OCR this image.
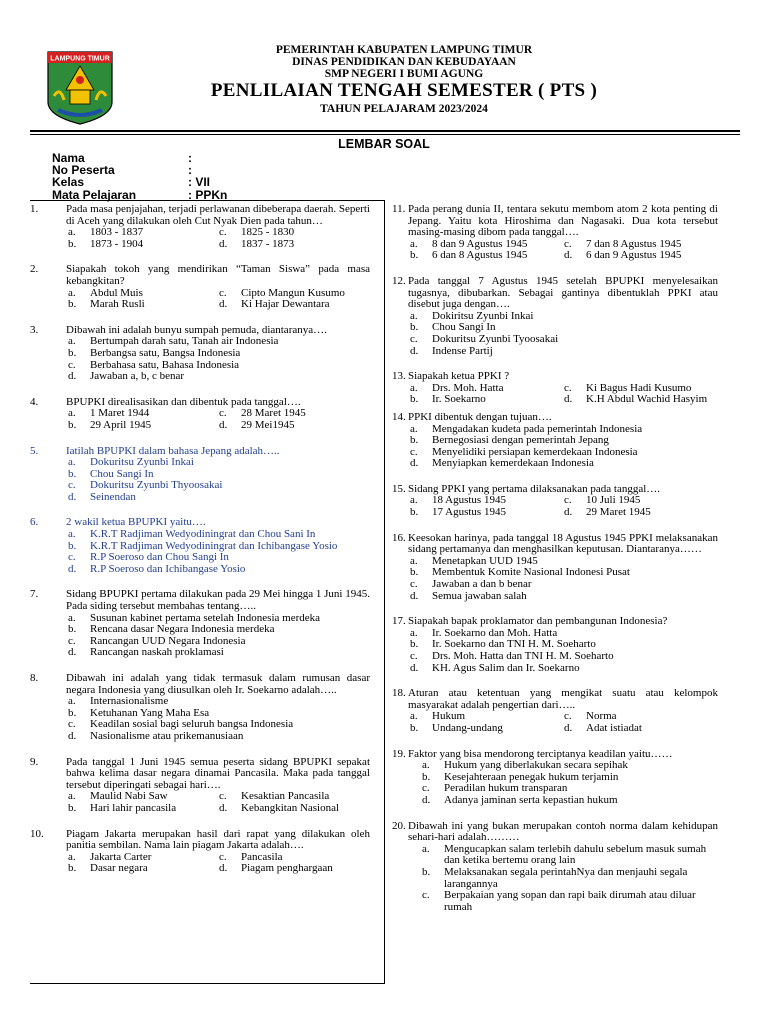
LAMPUNG TIMUR
PEMERINTAH KABUPATEN LAMPUNG TIMUR
DINAS PENDIDIKAN DAN KEBUDAYAAN
SMP NEGERI I BUMI AGUNG
PENLILAIAN TENGAH SEMESTER ( PTS )
TAHUN PELAJARAM 2023/2024
LEMBAR SOAL
Nama	:
No Peserta	:
Kelas	: VII
Mata Pelajaran	: PPKn
1.	Pada masa penjajahan, terjadi perlawanan dibeberapa daerah. Seperti di Aceh yang dilakukan oleh Cut Nyak Dien pada tahun…
a.	1803 - 1837	c.	1825 - 1830
b.	1873 - 1904	d.	1837 - 1873
2.	Siapakah tokoh yang mendirikan “Taman Siswa” pada masa kebangkitan?
a.	Abdul Muis	c.	Cipto Mangun Kusumo
b.	Marah Rusli	d.	Ki Hajar Dewantara
3.	Dibawah ini adalah bunyu sumpah pemuda, diantaranya….
a.	Bertumpah darah satu, Tanah air Indonesia
b.	Berbangsa satu, Bangsa Indonesia
c.	Berbahasa satu, Bahasa Indonesia
d.	Jawaban a, b, c benar
4.	BPUPKI direalisasikan dan dibentuk pada tanggal….
a.	1 Maret 1944	c.	28 Maret 1945
b.	29 April 1945	d.	29 Mei1945
5.	Iatilah BPUPKI dalam bahasa Jepang adalah…..
a.	Dokuritsu Zyunbi Inkai
b.	Chou Sangi In
c.	Dokuritsu Zyunbi Thyoosakai
d.	Seinendan
6.	2 wakil ketua BPUPKI yaitu….
a.	K.R.T Radjiman Wedyodiningrat dan Chou Sani In
b.	K.R.T Radjiman Wedyodiningrat dan Ichibangase Yosio
c.	R.P Soeroso dan Chou Sangi In
d.	R.P Soeroso dan Ichibangase Yosio
7.	Sidang BPUPKI pertama dilakukan pada 29 Mei hingga 1 Juni 1945. Pada siding tersebut membahas tentang…..
a.	Susunan kabinet pertama setelah Indonesia merdeka
b.	Rencana dasar Negara Indonesia merdeka
c.	Rancangan UUD Negara Indonesia
d.	Rancangan naskah proklamasi
8.	Dibawah ini adalah yang tidak termasuk dalam rumusan dasar negara Indonesia yang diusulkan oleh Ir. Soekarno adalah…..
a.	Internasionalisme
b.	Ketuhanan Yang Maha Esa
c.	Keadilan sosial bagi seluruh bangsa Indonesia
d.	Nasionalisme atau prikemanusiaan
9.	Pada tanggal 1 Juni 1945 semua peserta sidang BPUPKI sepakat bahwa kelima dasar negara dinamai Pancasila. Maka pada tanggal tersebut diperingati sebagai hari….
a.	Maulid Nabi Saw	c.	Kesaktian Pancasila
b.	Hari lahir pancasila	d.	Kebangkitan Nasional
10.	Piagam Jakarta merupakan hasil dari rapat yang dilakukan oleh panitia sembilan. Nama lain piagam Jakarta adalah….
a.	Jakarta Carter	c.	Pancasila
b.	Dasar negara	d.	Piagam penghargaan
11. Pada perang dunia II, tentara sekutu membom atom 2 kota penting di Jepang. Yaitu kota Hiroshima dan Nagasaki. Dua kota tersebut masing-masing dibom pada tanggal….
a.	8 dan 9 Agustus 1945	c.	7 dan 8 Agustus 1945
b.	6 dan 8 Agustus 1945	d.	6 dan 9 Agustus 1945
12. Pada tanggal 7 Agustus 1945 setelah BPUPKI menyelesaikan tugasnya, dibubarkan. Sebagai gantinya dibentuklah PPKI atau disebut juga dengan….
a.	Dokiritsu Zyunbi Inkai
b.	Chou Sangi In
c.	Dokuritsu Zyunbi Tyoosakai
d.	Indense Partij
13. Siapakah ketua PPKI ?
a.	Drs. Moh. Hatta	c.	Ki Bagus Hadi Kusumo
b.	Ir. Soekarno	d.	K.H Abdul Wachid Hasyim
14. PPKI dibentuk dengan tujuan….
a.	Mengadakan kudeta pada pemerintah Indonesia
b.	Bernegosiasi dengan pemerintah Jepang
c.	Menyelidiki persiapan kemerdekaan Indonesia
d.	Menyiapkan kemerdekaan Indonesia
15. Sidang PPKI yang pertama dilaksanakan pada tanggal….
a.	18 Agustus 1945	c.	10 Juli 1945
b.	17 Agustus 1945	d.	29 Maret 1945
16. Keesokan harinya, pada tanggal 18 Agustus 1945 PPKI melaksanakan sidang pertamanya dan menghasilkan keputusan. Diantaranya……
a.	Menetapkan UUD 1945
b.	Membentuk Komite Nasional Indonesi Pusat
c.	Jawaban a dan b benar
d.	Semua jawaban salah
17. Siapakah bapak proklamator dan pembangunan Indonesia?
a.	Ir. Soekarno dan Moh. Hatta
b.	Ir. Soekarno dan TNI H. M. Soeharto
c.	Drs. Moh. Hatta dan TNI H. M. Soeharto
d.	KH. Agus Salim dan Ir. Soekarno
18. Aturan atau ketentuan yang mengikat suatu atau kelompok masyarakat adalah pengertian dari…..
a.	Hukum	c.	Norma
b.	Undang-undang	d.	Adat istiadat
19. Faktor yang bisa mendorong terciptanya keadilan yaitu……
a.	Hukum yang diberlakukan secara sepihak
b.	Kesejahteraan penegak hukum terjamin
c.	Peradilan hukum transparan
d.	Adanya jaminan serta kepastian hukum
20. Dibawah ini yang bukan merupakan contoh norma dalam kehidupan sehari-hari adalah………
a.	Mengucapkan salam terlebih dahulu sebelum masuk sumah dan ketika bertemu orang lain
b.	Melaksanakan segala perintahNya dan menjauhi segala larangannya
c.	Berpakaian yang sopan dan rapi baik dirumah atau diluar rumah
